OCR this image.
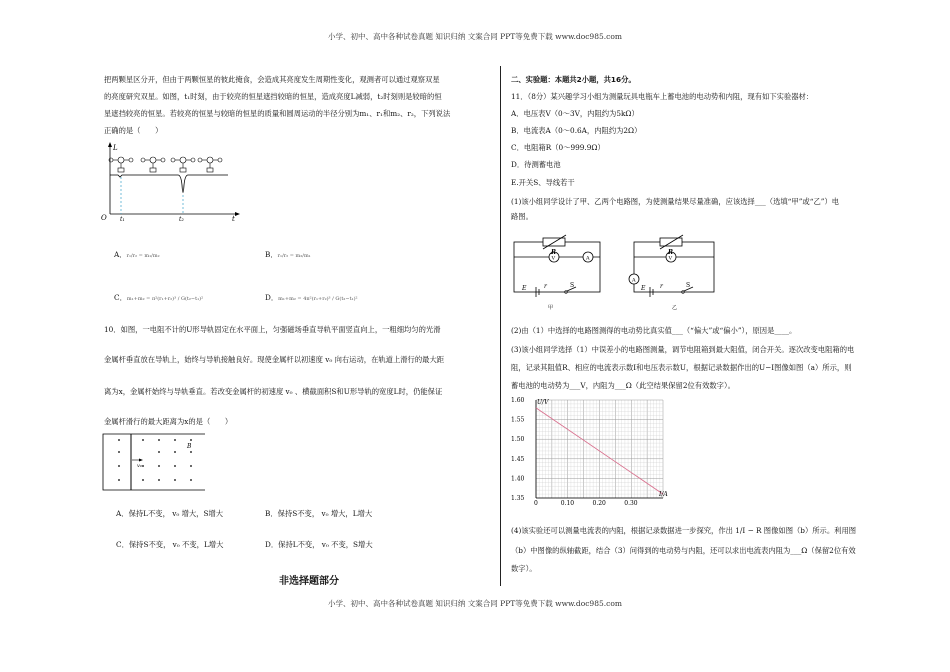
小学、初中、高中各种试卷真题 知识归纳 文案合同 PPT等免费下载 www.doc985.com
把两颗星区分开，但由于两颗恒星的彼此掩食，会造成其亮度发生周期性变化，观测者可以通过观察双星
的亮度研究双星。如图，t₁时刻，由于较亮的恒星遮挡较暗的恒星，造成亮度L减弱，t₂时刻则是较暗的恒
星遮挡较亮的恒星。若较亮的恒星与较暗的恒星的质量和圆周运动的半径分别为m₁、r₁和m₂、r₂，下列说法
正确的是（　　）
L
t
O t₁	t₂
A．r₁/r₂ = m₁/m₂	B．r₁/r₂ = m₂/m₁
C．m₁+m₂ = π²(r₁+r₂)³ / G(t₂−t₁)²	D．m₁+m₂ = 4π²(r₁+r₂)³ / G(t₂−t₁)²
10．如图，一电阻不计的U形导轨固定在水平面上，匀强磁场垂直导轨平面竖直向上，一粗细均匀的光滑
金属杆垂直放在导轨上，始终与导轨接触良好。现使金属杆以初速度 v₀ 向右运动，在轨道上滑行的最大距
离为x，金属杆始终与导轨垂直。若改变金属杆的初速度 v₀ 、横截面积S和U形导轨的宽度L时，仍能保证
金属杆滑行的最大距离为x的是（　　）
v₀
B
A．保持L不变， v₀ 增大，S增大	B．保持S不变， v₀ 增大，L增大
C．保持S不变， v₀ 不变，L增大	D．保持L不变， v₀ 不变，S增大
非选择题部分
二、实验题：本题共2小题，共16分。
11．（8分）某兴趣学习小组为测量玩具电瓶车上蓄电池的电动势和内阻，现有如下实验器材：
A．电压表V（0～3V，内阻约为5kΩ）
B．电流表A（0～0.6A，内阻约为2Ω）
C．电阻箱R（0～999.9Ω）
D．待测蓄电池
E.开关S、导线若干
(1)该小组同学设计了甲、乙两个电路图，为使测量结果尽量准确，应该选择___（选填“甲”或“乙”）电
路图。
R
V	A
E	r	S
甲
R
V
A
E r	S
乙
(2)由（1）中选择的电路图测得的电动势比真实值___（“偏大”或“偏小”），原因是____。
(3)该小组同学选择（1）中误差小的电路图测量，调节电阻箱到最大阻值，闭合开关。逐次改变电阻箱的电
阻，记录其阻值R、相应的电流表示数I和电压表示数U，根据记录数据作出的U−I图像如图（a）所示，则
蓄电池的电动势为___V，内阻为___Ω（此空结果保留2位有效数字）。
1.35
1.40
1.45
1.50
1.55
1.60
0	0.10	0.20	0.30
U/V
I/A
(4)该实验还可以测量电流表的内阻，根据记录数据进一步探究，作出 1/I − R 图像如图（b）所示。利用图
（b）中图像的纵轴截距，结合（3）问得到的电动势与内阻，还可以求出电流表内阻为___Ω（保留2位有效
数字）。
小学、初中、高中各种试卷真题 知识归纳 文案合同 PPT等免费下载 www.doc985.com
